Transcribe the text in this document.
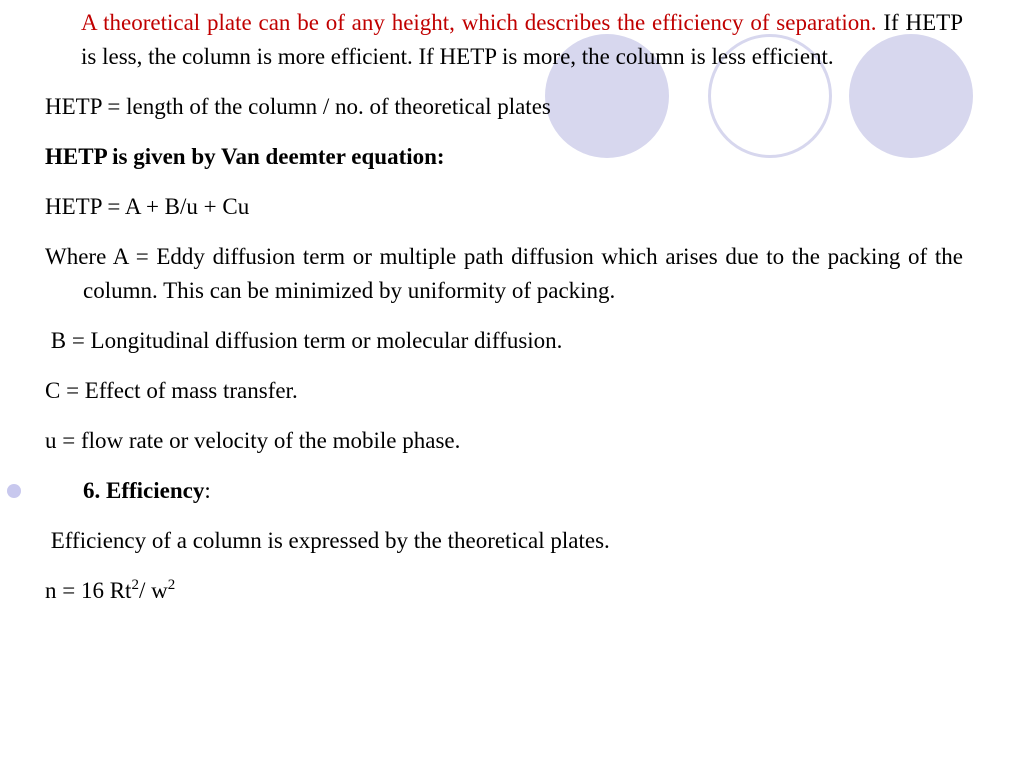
A theoretical plate can be of any height, which describes the efficiency of separation. If HETP is less, the column is more efficient. If HETP is more, the column is less efficient.

HETP = length of the column / no. of theoretical plates

HETP is given by Van deemter equation:

HETP = A + B/u + Cu

Where A = Eddy diffusion term or multiple path diffusion which arises due to the packing of the column. This can be minimized by uniformity of packing.

B = Longitudinal diffusion term or molecular diffusion.

C = Effect of mass transfer.

u = flow rate or velocity of the mobile phase.

6. Efficiency:

Efficiency of a column is expressed by the theoretical plates.

n = 16 Rt$^2$/ $w^2$
